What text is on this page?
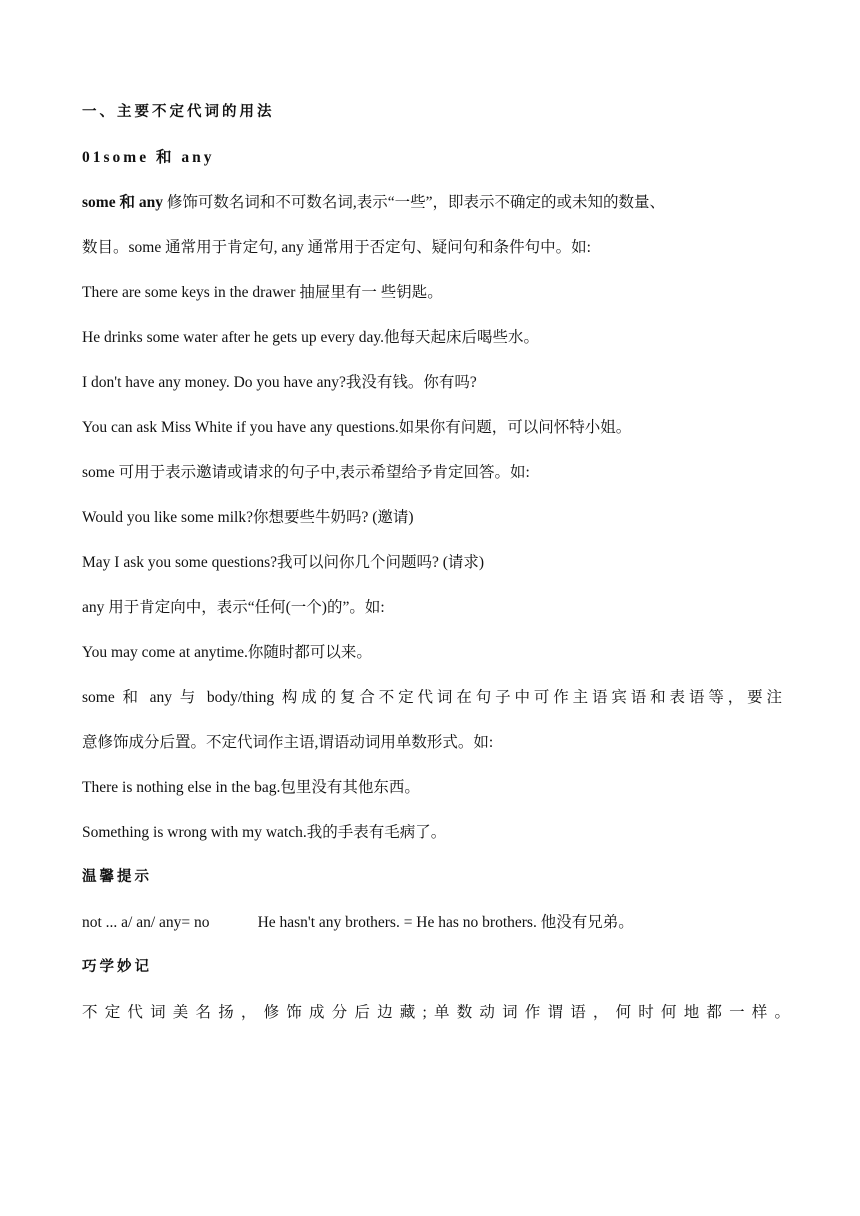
一、主要不定代词的用法
01some 和 any
some 和 any 修饰可数名词和不可数名词,表示“一些”，即表示不确定的或未知的数量、
数目。some 通常用于肯定句, any 通常用于否定句、疑问句和条件句中。如:
There are some keys in the drawer 抽屉里有一 些钥匙。
He drinks some water after he gets up every day.他每天起床后喝些水。
I don't have any money. Do you have any?我没有钱。你有吗?
You can ask Miss White if you have any questions.如果你有问题，可以问怀特小姐。
some 可用于表示邀请或请求的句子中,表示希望给予肯定回答。如:
Would you like some milk?你想要些牛奶吗? (邀请)
May I ask you some questions?我可以问你几个问题吗? (请求)
any 用于肯定向中，表示“任何(一个)的”。如:
You may come at anytime.你随时都可以来。
some 和 any 与 body/thing 构成的复合不定代词在句子中可作主语宾语和表语等，要注
意修饰成分后置。不定代词作主语,谓语动词用单数形式。如:
There is nothing else in the bag.包里没有其他东西。
Something is wrong with my watch.我的手表有毛病了。
温馨提示
not ... a/ an/ any= no	He hasn't any brothers. = He has no brothers. 他没有兄弟。
巧学妙记
不定代词美名扬，修饰成分后边藏;单数动词作谓语，何时何地都一样。
